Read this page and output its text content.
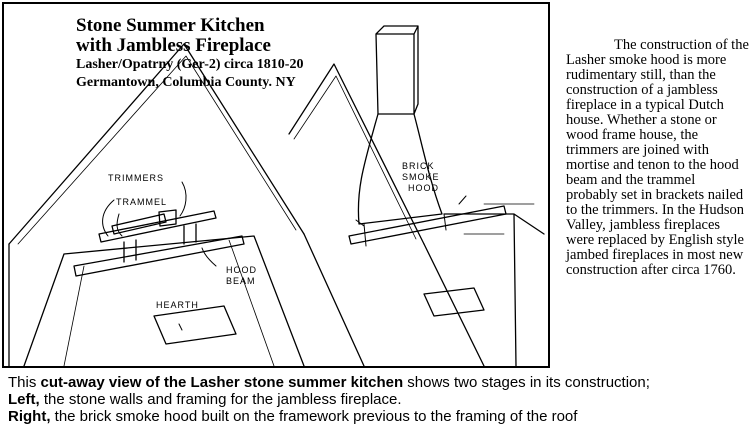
Stone Summer Kitchen
with Jambless Fireplace
Lasher/Opatrny (Ger-2) circa 1810-20
Germantown, Columbia County. NY
TRIMMERS
TRAMMEL
HOOD
BEAM
HEARTH
BRICK
SMOKE
HOOD

The construction of the Lasher smoke hood is more rudimentary still, than the construction of a jambless fireplace in a typical Dutch house. Whether a stone or wood frame house, the trimmers are joined with mortise and tenon to the hood beam and the trammel probably set in brackets nailed to the trimmers. In the Hudson Valley, jambless fireplaces were replaced by English style jambed fireplaces in most new construction after circa 1760.

This cut-away view of the Lasher stone summer kitchen shows two stages in its construction;

Left, the stone walls and framing for the jambless fireplace.

Right, the brick smoke hood built on the framework previous to the framing of the roof
